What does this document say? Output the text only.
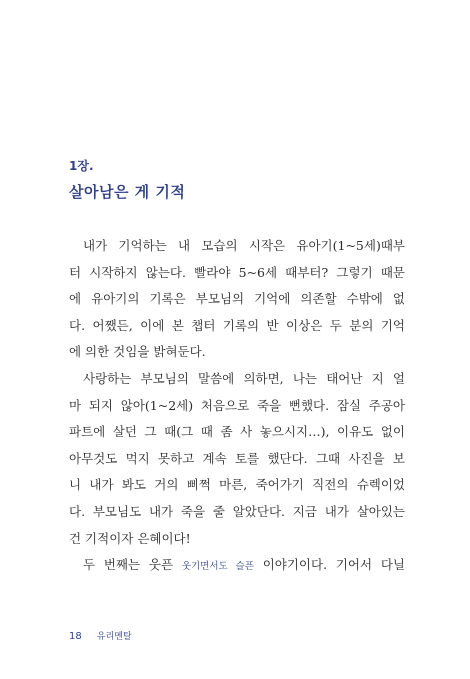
1장.
살아남은 게 기적
내가 기억하는 내 모습의 시작은 유아기(1~5세)때부
터 시작하지 않는다. 빨라야 5~6세 때부터? 그렇기 때문
에 유아기의 기록은 부모님의 기억에 의존할 수밖에 없
다. 어쨌든, 이에 본 챕터 기록의 반 이상은 두 분의 기억
에 의한 것임을 밝혀둔다.
사랑하는 부모님의 말씀에 의하면, 나는 태어난 지 얼
마 되지 않아(1~2세) 처음으로 죽을 뻔했다. 잠실 주공아
파트에 살던 그 때(그 때 좀 사 놓으시지…), 이유도 없이
아무것도 먹지 못하고 계속 토를 했단다. 그때 사진을 보
니 내가 봐도 거의 삐쩍 마른, 죽어가기 직전의 슈렉이었
다. 부모님도 내가 죽을 줄 알았단다. 지금 내가 살아있는
건 기적이자 은혜이다!
두 번째는 웃픈 웃기면서도 슬픈 이야기이다. 기어서 다닐
18 유리멘탈
